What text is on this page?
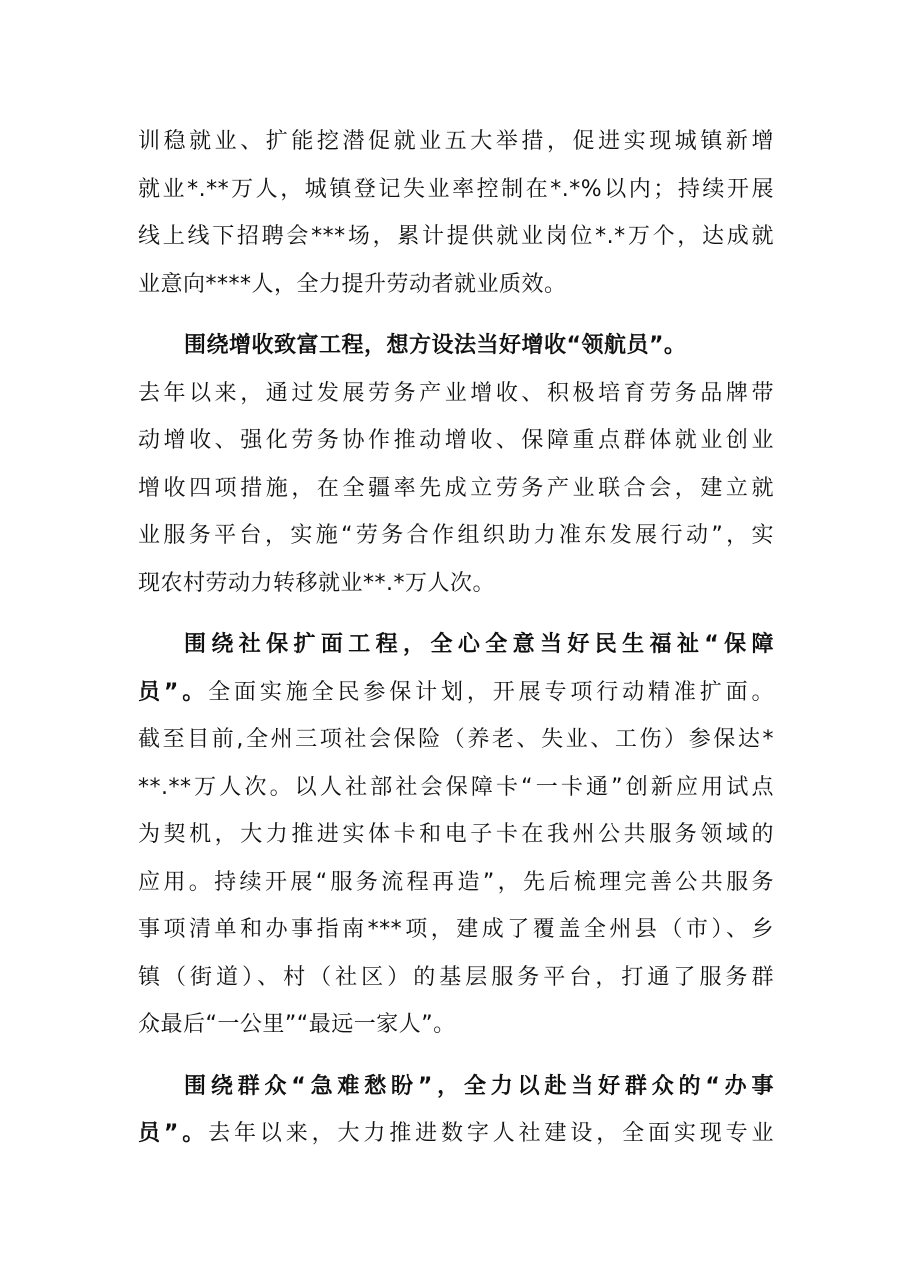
训稳就业、扩能挖潜促就业五大举措，促进实现城镇新增
就业*.**万人，城镇登记失业率控制在*.*%以内；持续开展
线上线下招聘会***场，累计提供就业岗位*.*万个，达成就
业意向****人，全力提升劳动者就业质效。
围绕增收致富工程，想方设法当好增收“领航员”。
去年以来，通过发展劳务产业增收、积极培育劳务品牌带
动增收、强化劳务协作推动增收、保障重点群体就业创业
增收四项措施，在全疆率先成立劳务产业联合会，建立就
业服务平台，实施“劳务合作组织助力准东发展行动”，实
现农村劳动力转移就业**.*万人次。
围绕社保扩面工程，全心全意当好民生福祉“保障
员”。全面实施全民参保计划，开展专项行动精准扩面。
截至目前,全州三项社会保险（养老、失业、工伤）参保达*
**.**万人次。以人社部社会保障卡“一卡通”创新应用试点
为契机，大力推进实体卡和电子卡在我州公共服务领域的
应用。持续开展“服务流程再造”，先后梳理完善公共服务
事项清单和办事指南***项，建成了覆盖全州县（市）、乡
镇（街道）、村（社区）的基层服务平台，打通了服务群
众最后“一公里”“最远一家人”。
围绕群众“急难愁盼”，全力以赴当好群众的“办事
员”。去年以来，大力推进数字人社建设，全面实现专业
